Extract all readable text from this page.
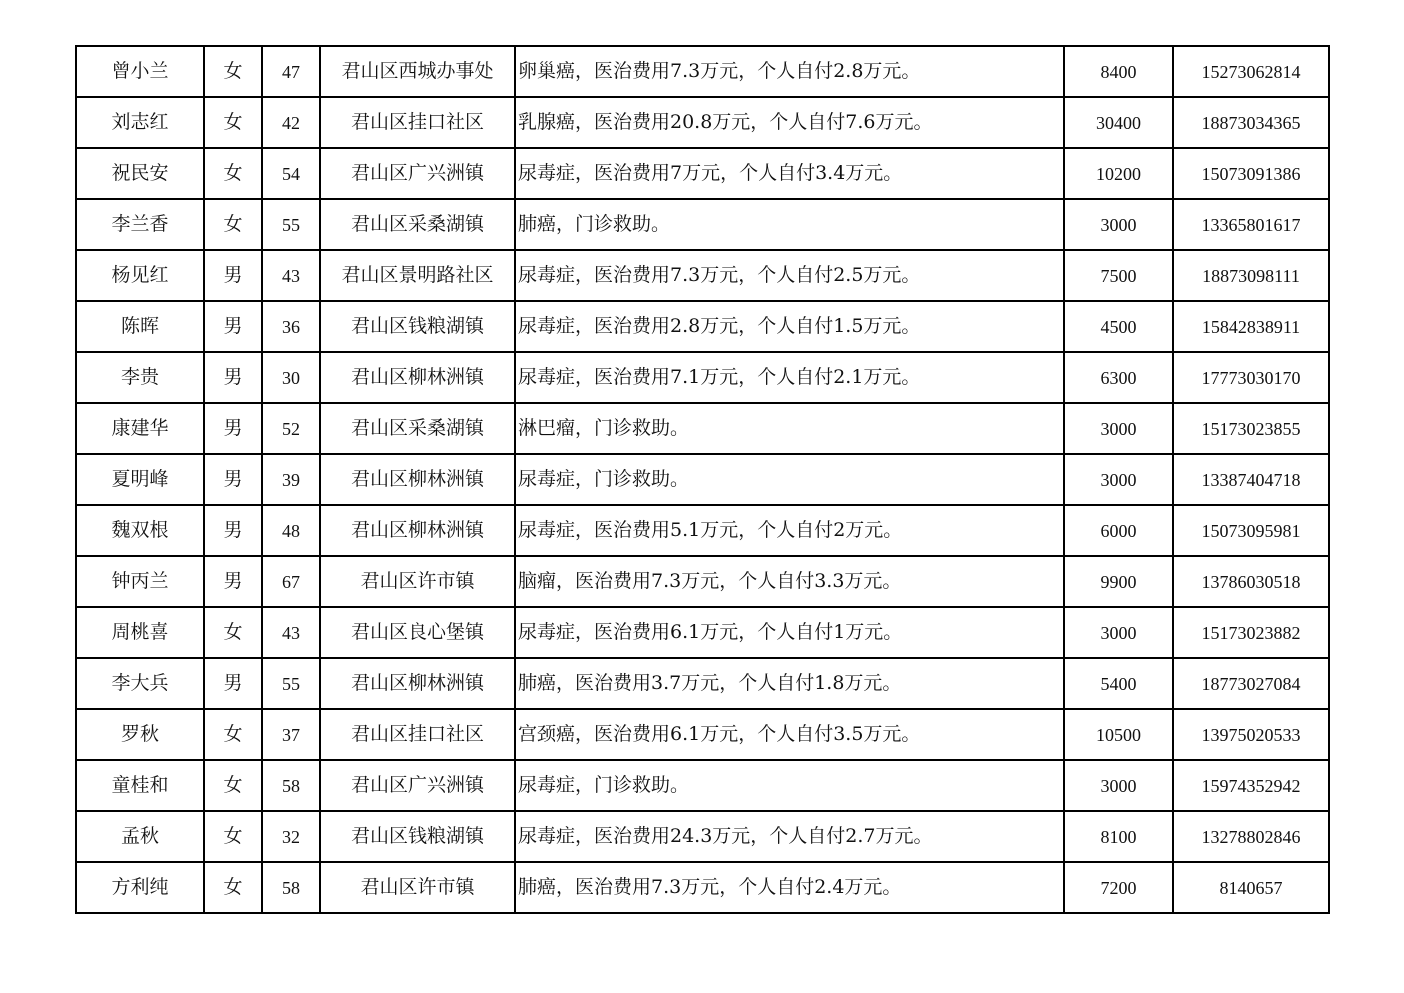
曾小兰	女	47	君山区西城办事处	卵巢癌，医治费用7.3万元，个人自付2.8万元。	8400	15273062814
刘志红	女	42	君山区挂口社区	乳腺癌，医治费用20.8万元，个人自付7.6万元。	30400	18873034365
祝民安	女	54	君山区广兴洲镇	尿毒症，医治费用7万元，个人自付3.4万元。	10200	15073091386
李兰香	女	55	君山区采桑湖镇	肺癌，门诊救助。	3000	13365801617
杨见红	男	43	君山区景明路社区	尿毒症，医治费用7.3万元，个人自付2.5万元。	7500	18873098111
陈晖	男	36	君山区钱粮湖镇	尿毒症，医治费用2.8万元，个人自付1.5万元。	4500	15842838911
李贵	男	30	君山区柳林洲镇	尿毒症，医治费用7.1万元，个人自付2.1万元。	6300	17773030170
康建华	男	52	君山区采桑湖镇	淋巴瘤，门诊救助。	3000	15173023855
夏明峰	男	39	君山区柳林洲镇	尿毒症，门诊救助。	3000	13387404718
魏双根	男	48	君山区柳林洲镇	尿毒症，医治费用5.1万元，个人自付2万元。	6000	15073095981
钟丙兰	男	67	君山区许市镇	脑瘤，医治费用7.3万元，个人自付3.3万元。	9900	13786030518
周桃喜	女	43	君山区良心堡镇	尿毒症，医治费用6.1万元，个人自付1万元。	3000	15173023882
李大兵	男	55	君山区柳林洲镇	肺癌，医治费用3.7万元，个人自付1.8万元。	5400	18773027084
罗秋	女	37	君山区挂口社区	宫颈癌，医治费用6.1万元，个人自付3.5万元。	10500	13975020533
童桂和	女	58	君山区广兴洲镇	尿毒症，门诊救助。	3000	15974352942
孟秋	女	32	君山区钱粮湖镇	尿毒症，医治费用24.3万元，个人自付2.7万元。	8100	13278802846
方利纯	女	58	君山区许市镇	肺癌，医治费用7.3万元，个人自付2.4万元。	7200	8140657
